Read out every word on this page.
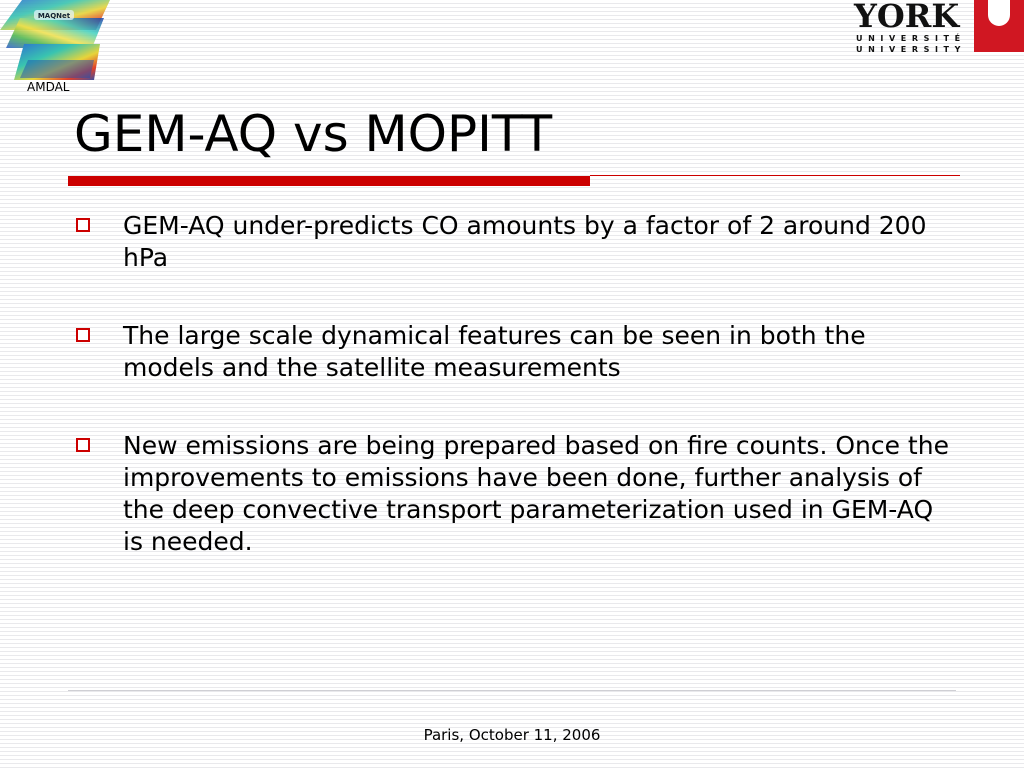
MAQNet
AMDAL
YORK
UNIVERSITÉ
UNIVERSITY
GEM-AQ vs MOPITT
GEM-AQ under-predicts CO amounts by a factor of 2 around 200 hPa
The large scale dynamical features can be seen in both the models and the satellite measurements
New emissions are being prepared based on fire counts. Once the improvements to emissions have been done, further analysis of the deep convective transport parameterization used in GEM-AQ is needed.
Paris, October 11, 2006
